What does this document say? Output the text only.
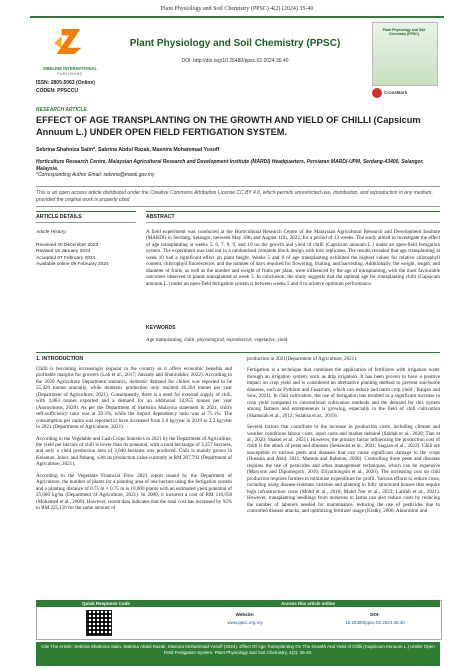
Plant Physiology and Soil Chemistry (PPSC) 4(2) (2024) 35-40
ZIBELINE INTERNATIONAL
PUBLISHING
ISSN: 2805-5063 (Online)
CODEN: PPSCCU
Plant Physiology and Soil Chemistry (PPSC)
DOI: http://doi.org/10.26480/ppsc.02.2024.35.40
Plant Physiology and Soil Chemistry (PPSC)
CrossMark
RESEARCH ARTICLE
EFFECT OF AGE TRANSPLANTING ON THE GROWTH AND YIELD OF CHILLI (Capsicum Annuum L.) UNDER OPEN FIELD FERTIGATION SYSTEM.
Sebrina Shahniza Saiin*, Sabrina Abdul Razak, Masnira Mohammad Yusoff
Horticulture Research Centre, Malaysian Agricultural Research and Development Institute (MARDI) Headquarters, Persiaran MARDI-UPM, Serdang-43400, Selangor, Malaysia.
*Corresponding Author Email: sebrina@mardi.gov.my
This is an open access article distributed under the Creative Commons Attribution License CC BY 4.0, which permits unrestricted use, distribution, and reproduction in any medium, provided the original work is properly cited
ARTICLE DETAILS	ABSTRACT
Article History:
Received 20 December 2023
Revised 15 January 2024
Accepted 07 February 2024
Available online 09 February 2024
A field experiment was conducted at the Horticultural Research Centre of the Malaysian Agricultural Research and Development Institute (MARDI) in Serdang, Selangor, between May 18th and August 11th, 2022, for a period of 13 weeks. The study aimed to investigate the effect of age transplanting at weeks 5, 6, 7, 8, 9, and 10 on the growth and yield of chilli (Capsicum annuum L.) under an open-field fertigation system. The experiment was laid out in a randomized complete block design with four replicates. The results revealed that age transplanting at week 10 had a significant effect on plant height. Weeks 5 and 6 of age transplanting exhibited the highest values for relative chlorophyll content, chlorophyll fluorescence, and the number of days required for flowering, fruiting, and harvesting. Additionally, the weight, length, and diameter of fruits, as well as the number and weight of fruits per plant, were influenced by the age of transplanting, with the most favourable outcomes observed in plants transplanted at week 5. In conclusion, the study suggests that the optimal age for transplanting chilli (Capsicum annuum L.) under an open-field fertigation system is between weeks 5 and 6 to achieve optimum performance.
KEYWORDS
Age transplanting, chilli, physiological, reproductive, vegetative, yield
1. INTRODUCTION

Chilli is becoming increasingly popular in the country as it offers economic benefits and profitable margins for growers (Loh et al., 2017; Jaisaidy and Shahruddin, 2022). According to the 2020 Agriculture Department statistics, domestic demand for chilies was reported to be 55,420 tonnes annually, while domestic production only reached 28,264 tonnes per year (Department of Agriculture, 2021). Consequently, there is a need for external supply of chili, with 3,863 tonnes exported and a demand for an additional 34,855 tonnes per year (Anonymous, 2020). As per the Department of Statistics Malaysia statement in 2021, chili's self-sufficiency ratio was at 29.3%, while the import dependency ratio was at 75.1%. The consumption per capita was reported to have increased from 2.0 kg/year in 2019 to 2.2 kg/year in 2021 (Department of Agriculture, 2021).

According to the Vegetable and Cash Crops Statistics in 2021 by the Department of Agriculture, the yield per hectare of chili is lower than its potential, with a total hectarage of 3,257 hectares, and only a yield production area of 3,040 hectares was produced. Chili is mainly grown in Kelantan, Johor, and Pahang, with its production value currently at RM 287,792 (Department of Agriculture, 2021).

According to the Vegetable Financial Flow 2021 report issued by the Department of Agriculture, the number of plants for a planting area of one hectare using the fertigation system and a planting distance of 0.75 m × 0.75 m is 10,000 plants with an estimated yield potential of 25,000 kg/ha (Department of Agriculture, 2021). In 2000, it incurred a cost of RM 116,958 (Mohamed et al., 2009). However, recent data indicates that the total cost has increased by 92% to RM 225,116 for the same amount of

production in 2021(Department of Agriculture, 2021).

Fertigation is a technique that combines the application of fertilizers with irrigation water through an irrigation system, such as drip irrigation. It has been proven to have a positive impact on crop yield and is considered an alternative planting method to prevent soil-borne diseases, such as Pythium and Fusarium, which can reduce and harm crop yield ; Ranjan and Sow, 2021). In chili cultivation, the use of fertigation has resulted in a significant increase in crop yield compared to conventional cultivation methods and the demand for this system among farmers and entrepreneurs is growing, especially in the field of chili cultivation (Shamsiah et al., 2012; Sulaksa et al., 2019).

Several factors that contribute to the increase in production costs, including climate and weather conditions labour costs, input costs and market demand (Saidah et al., 2020; Tian et al., 2020; Shaker et al., 2021). However, the primary factor influencing the production cost of chilli is the attack of pests and diseases (Setiawati et al., 2021; Siagian et al., 2022). Chili are susceptible to various pests and diseases that can cause significant damage to the crops (Hussain and Abid, 2011; Mamun and Rahman, 2020). Controlling these pests and diseases requires the use of pesticides and other management techniques, which can be expensive (Maryono and Dipomegoro, 2016; Eliyatiningsih et al., 2020). The increasing cost on chili production requires farmers to minimize expenditure for profit. Various efforts to reduce costs, including using disease-resistant varieties and planting in fully structured houses that require high infrastructure costs (Mohd et al., 2016; Mohd Nor et al., 2022; Latifah et al., 2021). However, transplanting seedlings from nurseries to farms can also reduce costs by reducing the number of laborers needed for maintenance, reducing the use of pesticides due to controlled disease attacks, and optimizing fertilizer usage (Kratky, 2006; Akinrotimi and

Quick Response Code	Access this article online
Website:
www.ppsc.org.my
DOI:
10.26480/ppsc.02.2024.35.40
Cite The Article: Sebrina Shahniza Saiin, Sabrina Abdul Razak, Masnira Mohammad Yusoff (2024). Effect Of Age Transplanting On The Growth And Yield of Chilli (Capsicum Annuum L.) Under Open Field Fertigation System. Plant Physiology and Soil Chemistry, 4(2): 35-40.
